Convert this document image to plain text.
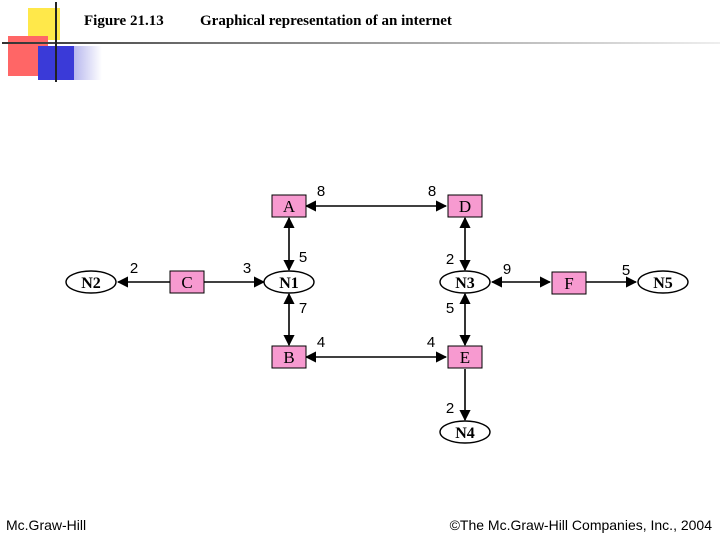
Figure 21.13 Graphical representation of an internet
A	D
C	F
B	E
N1
N2	N3
N4
N5
8	8
5	2
2	3	9	5
7	5
4	4
2
Mc.Graw-Hill	©The Mc.Graw-Hill Companies, Inc., 2004
